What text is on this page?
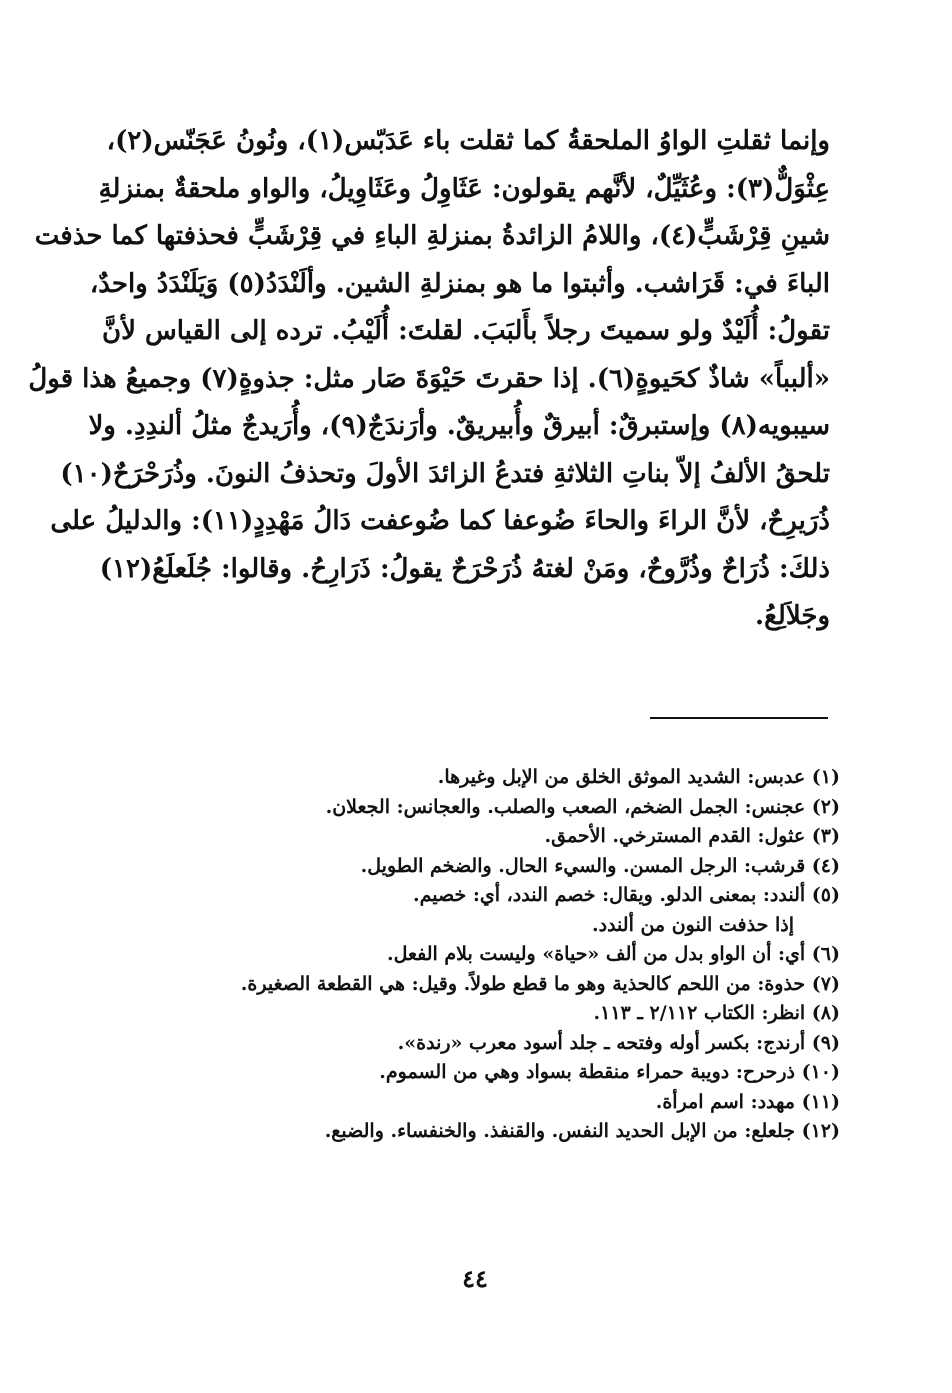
وإنما ثقلتِ الواوُ الملحقةُ كما ثقلت باء عَدَبّس(١)، ونُونُ عَجَنّس(٢)،
عِثْوَلٌّ(٣): وعُثَيِّلٌ، لأنَّهم يقولون: عَثَاوِلُ وعَثَاوِيلُ، والواو ملحقةٌ بمنزلةِ
شينِ قِرْشَبٍّ(٤)، واللامُ الزائدةُ بمنزلةِ الباءِ في قِرْشَبٍّ فحذفتها كما حذفت
الباءَ في: قَرَاشب. وأثبتوا ما هو بمنزلةِ الشين. وألَنْدَدُ(٥) وَيَلَنْدَدُ واحدٌ،
تقولُ: أُلَيْدٌ ولو سميتَ رجلاً بأَلبَبَ. لقلتَ: أُلَيْبُ. ترده إلى القياس لأنَّ
«ألبباً» شاذٌ كحَيوةٍ(٦). إذا حقرتَ حَيْوَةَ صَار مثل: جذوةٍ(٧) وجميعُ هذا قولُ
سيبويه(٨) وإستبرقٌ: أبيرقٌ وأُبيريقٌ. وأرَندَجٌ(٩)، وأُرَيدجٌ مثلُ ألندِدِ. ولا
تلحقُ الألفُ إلاّ بناتِ الثلاثةِ فتدعُ الزائدَ الأولَ وتحذفُ النونَ. وذُرَحْرَحٌ(١٠)
ذُرَيرِحٌ، لأنَّ الراءَ والحاءَ ضُوعفا كما ضُوعفت دَالُ مَهْدِدٍ(١١): والدليلُ على
ذلكَ: ذُرَاحٌ وذُرَّوحٌ، ومَنْ لغتهُ ذُرَحْرَحٌ يقولُ: ذَرَارِحُ. وقالوا: جُلَعلَعُ(١٢)
وجَلاَلِعُ.
(١) عدبس: الشديد الموثق الخلق من الإبل وغيرها.
(٢) عجنس: الجمل الضخم، الصعب والصلب. والعجانس: الجعلان.
(٣) عثول: القدم المسترخي. الأحمق.
(٤) قرشب: الرجل المسن. والسيء الحال. والضخم الطويل.
(٥) ألندد: بمعنى الدلو. ويقال: خصم الندد، أي: خصيم.
إذا حذفت النون من ألندد.
(٦) أي: أن الواو بدل من ألف «حياة» وليست بلام الفعل.
(٧) حذوة: من اللحم كالحذية وهو ما قطع طولاً. وقيل: هي القطعة الصغيرة.
(٨) انظر: الكتاب ٢/١١٢ ـ ١١٣.
(٩) أرندج: بكسر أوله وفتحه ـ جلد أسود معرب «رندة».
(١٠) ذرحرح: دويبة حمراء منقطة بسواد وهي من السموم.
(١١) مهدد: اسم امرأة.
(١٢) جلعلع: من الإبل الحديد النفس. والقنفذ. والخنفساء. والضبع.
٤٤
